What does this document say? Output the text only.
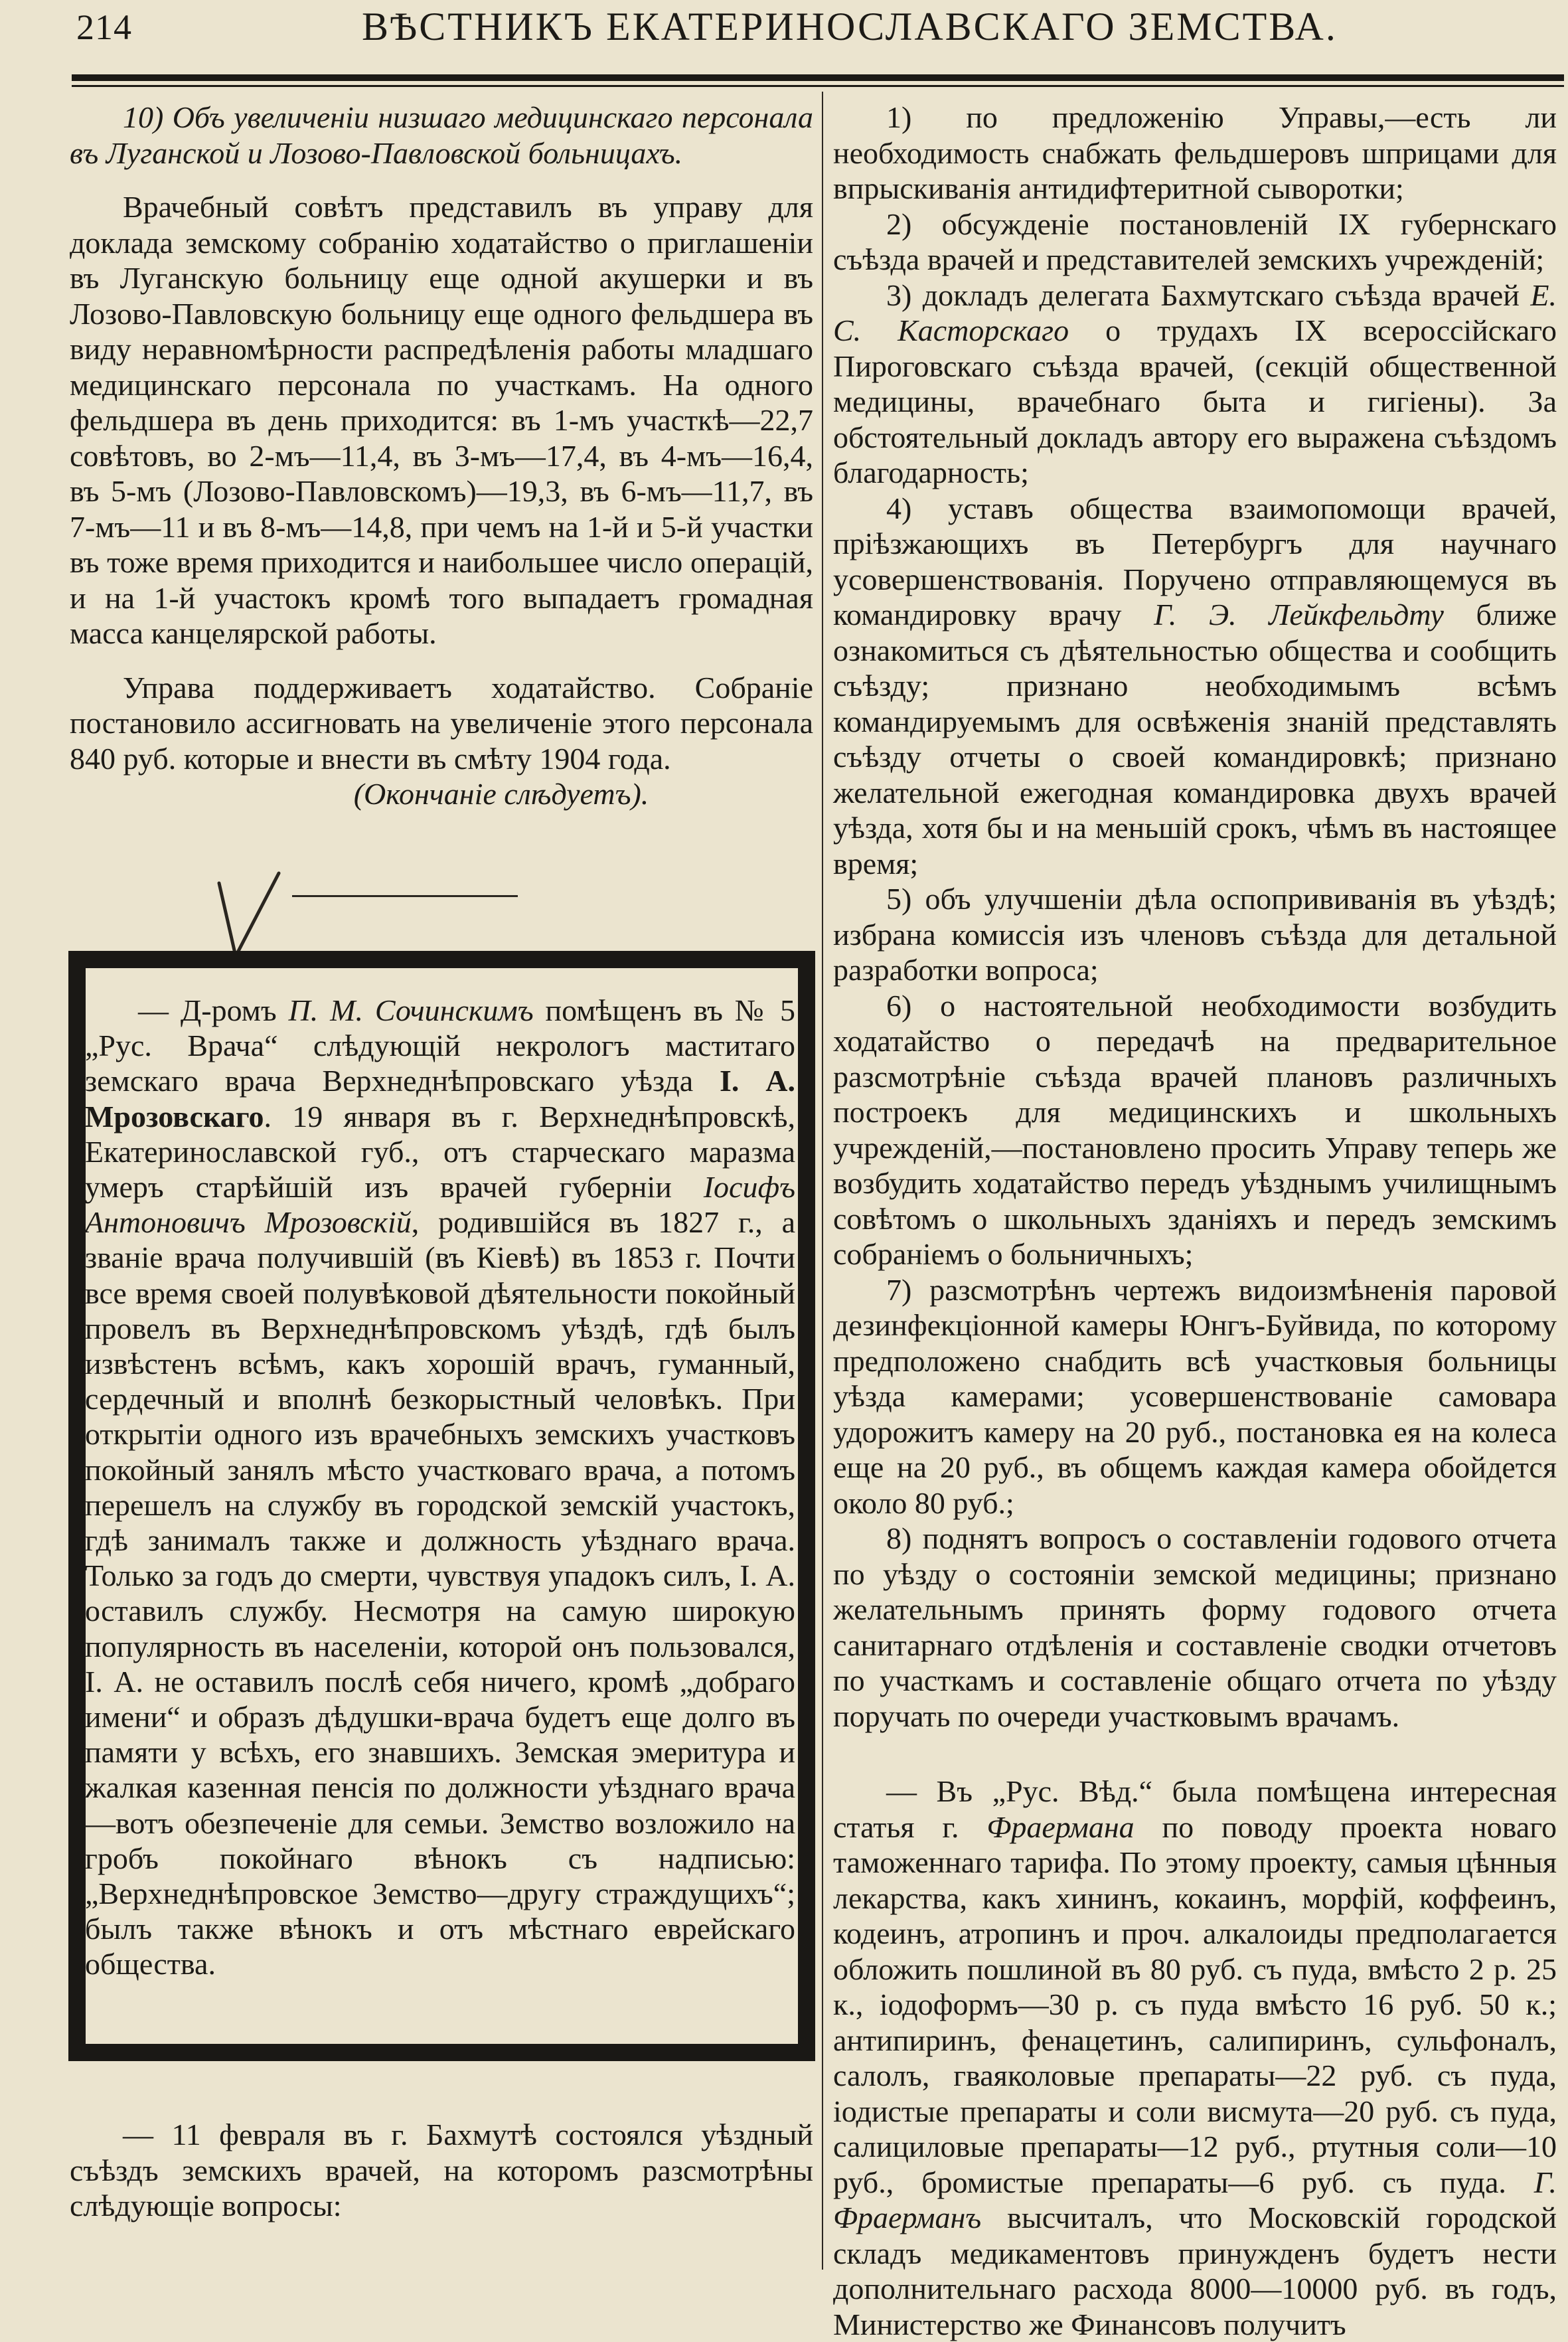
214	ВѢСТНИКЪ ЕКАТЕРИНОСЛАВСКАГО ЗЕМСТВА.

10) Объ увеличеніи низшаго медицинскаго персонала въ Луганской и Лозово-Павловской больницахъ.

Врачебный совѣтъ представилъ въ управу для доклада земскому собранію ходатайство о приглашеніи въ Луганскую больницу еще одной акушерки и въ Лозово-Павловскую больницу еще одного фельдшера въ виду неравномѣрности распредѣленія работы младшаго медицинскаго персонала по участкамъ. На одного фельдшера въ день приходится: въ 1-мъ участкѣ—22,7 совѣтовъ, во 2-мъ—11,4, въ 3-мъ—17,4, въ 4-мъ—16,4, въ 5-мъ (Лозово-Павловскомъ)—19,3, въ 6-мъ—11,7, въ 7-мъ—11 и въ 8-мъ—14,8, при чемъ на 1-й и 5-й участки въ тоже время приходится и наибольшее число операцій, и на 1-й участокъ кромѣ того выпадаетъ громадная масса канцелярской работы.

Управа поддерживаетъ ходатайство. Собраніе постановило ассигновать на увеличеніе этого персонала 840 руб. которые и внести въ смѣту 1904 года.

(Окончаніе слѣдуетъ).

— Д-ромъ П. М. Сочинскимъ помѣщенъ въ № 5 „Рус. Врача“ слѣдующій некрологъ маститаго земскаго врача Верхнеднѣпровскаго уѣзда І. А. Мрозовскаго. 19 января въ г. Верхнеднѣпровскѣ, Екатеринославской губ., отъ старческаго маразма умеръ старѣйшій изъ врачей губерніи Іосифъ Антоновичъ Мрозовскій, родившійся въ 1827 г., а званіе врача получившій (въ Кіевѣ) въ 1853 г. Почти все время своей полувѣковой дѣятельности покойный провелъ въ Верхнеднѣпровскомъ уѣздѣ, гдѣ былъ извѣстенъ всѣмъ, какъ хорошій врачъ, гуманный, сердечный и вполнѣ безкорыстный человѣкъ. При открытіи одного изъ врачебныхъ земскихъ участковъ покойный занялъ мѣсто участковаго врача, а потомъ перешелъ на службу въ городской земскій участокъ, гдѣ занималъ также и должность уѣзднаго врача. Только за годъ до смерти, чувствуя упадокъ силъ, І. А. оставилъ службу. Несмотря на самую широкую популярность въ населеніи, которой онъ пользовался, І. А. не оставилъ послѣ себя ничего, кромѣ „добраго имени“ и образъ дѣдушки-врача будетъ еще долго въ памяти у всѣхъ, его знавшихъ. Земская эмеритура и жалкая казенная пенсія по должности уѣзднаго врача—вотъ обезпеченіе для семьи. Земство возложило на гробъ покойнаго вѣнокъ съ надписью: „Верхнеднѣпровское Земство—другу страждущихъ“; былъ также вѣнокъ и отъ мѣстнаго еврейскаго общества.

— 11 февраля въ г. Бахмутѣ состоялся уѣздный съѣздъ земскихъ врачей, на которомъ разсмотрѣны слѣдующіе вопросы:

1) по предложенію Управы,—есть ли необходимость снабжать фельдшеровъ шприцами для впрыскиванія антидифтеритной сыворотки;

2) обсужденіе постановленій IX губернскаго съѣзда врачей и представителей земскихъ учрежденій;

3) докладъ делегата Бахмутскаго съѣзда врачей Е. С. Касторскаго о трудахъ IX всероссійскаго Пироговскаго съѣзда врачей, (секцій общественной медицины, врачебнаго быта и гигіены). За обстоятельный докладъ автору его выражена съѣздомъ благодарность;

4) уставъ общества взаимопомощи врачей, пріѣзжающихъ въ Петербургъ для научнаго усовершенствованія. Поручено отправляющемуся въ командировку врачу Г. Э. Лейкфельдту ближе ознакомиться съ дѣятельностью общества и сообщить съѣзду; признано необходимымъ всѣмъ командируемымъ для освѣженія знаній представлять съѣзду отчеты о своей командировкѣ; признано желательной ежегодная командировка двухъ врачей уѣзда, хотя бы и на меньшій срокъ, чѣмъ въ настоящее время;

5) объ улучшеніи дѣла оспопрививанія въ уѣздѣ; избрана комиссія изъ членовъ съѣзда для детальной разработки вопроса;

6) о настоятельной необходимости возбудить ходатайство о передачѣ на предварительное разсмотрѣніе съѣзда врачей плановъ различныхъ построекъ для медицинскихъ и школьныхъ учрежденій,—постановлено просить Управу теперь же возбудить ходатайство передъ уѣзднымъ училищнымъ совѣтомъ о школьныхъ зданіяхъ и передъ земскимъ собраніемъ о больничныхъ;

7) разсмотрѣнъ чертежъ видоизмѣненія паровой дезинфекціонной камеры Юнгъ-Буйвида, по которому предположено снабдить всѣ участковыя больницы уѣзда камерами; усовершенствованіе самовара удорожитъ камеру на 20 руб., постановка ея на колеса еще на 20 руб., въ общемъ каждая камера обойдется около 80 руб.;

8) поднятъ вопросъ о составленіи годового отчета по уѣзду о состояніи земской медицины; признано желательнымъ принять форму годового отчета санитарнаго отдѣленія и составленіе сводки отчетовъ по участкамъ и составленіе общаго отчета по уѣзду поручать по очереди участковымъ врачамъ.

— Въ „Рус. Вѣд.“ была помѣщена интересная статья г. Фраерманa по поводу проекта новаго таможеннаго тарифа. По этому проекту, самыя цѣнныя лекарства, какъ хининъ, кокаинъ, морфій, коффеинъ, кодеинъ, атропинъ и проч. алкалоиды предполагается обложить пошлиной въ 80 руб. съ пуда, вмѣсто 2 р. 25 к., іодоформъ—30 р. съ пуда вмѣсто 16 руб. 50 к.; антипиринъ, фенацетинъ, салипиринъ, сульфоналъ, салолъ, гваяколовые препараты—22 руб. съ пуда, іодистые препараты и соли висмута—20 руб. съ пуда, салициловые препараты—12 руб., ртутныя соли—10 руб., бромистые препараты—6 руб. съ пуда. Г. Фраерманъ высчиталъ, что Московскій городской складъ медикаментовъ принужденъ будетъ нести дополнительнаго расхода 8000—10000 руб. въ годъ, Министерство же Финансовъ получитъ
